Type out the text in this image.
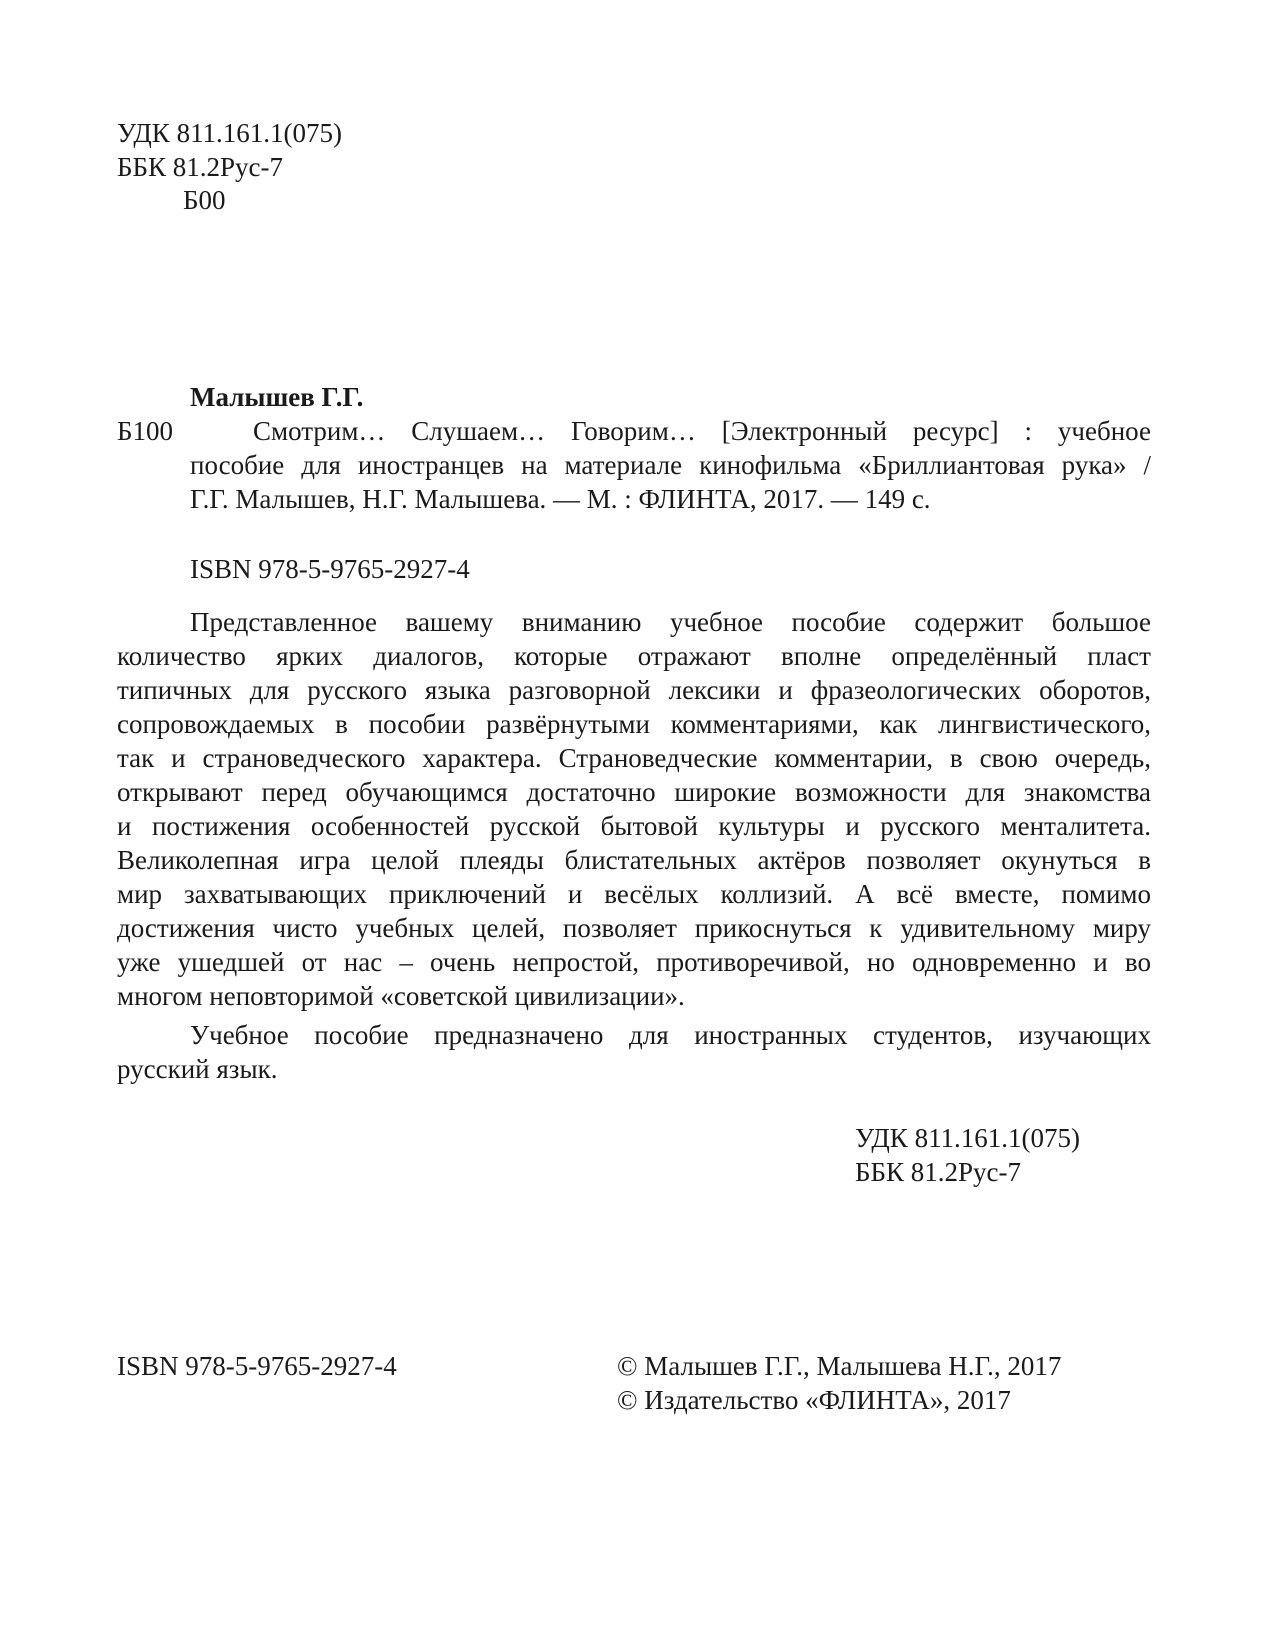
УДК 811.161.1(075)
ББК 81.2Рус-7
Б00
Малышев Г.Г.
Б100	Смотрим… Слушаем… Говорим… [Электронный ресурс] : учебное
пособие для иностранцев на материале кинофильма «Бриллиантовая рука» /
Г.Г. Малышев, Н.Г. Малышева. — М. : ФЛИНТА, 2017. — 149 с.
ISBN 978-5-9765-2927-4
Представленное вашему вниманию учебное пособие содержит большое
количество ярких диалогов, которые отражают вполне определённый пласт
типичных для русского языка разговорной лексики и фразеологических оборотов,
сопровождаемых в пособии развёрнутыми комментариями, как лингвистического,
так и страноведческого характера. Страноведческие комментарии, в свою очередь,
открывают перед обучающимся достаточно широкие возможности для знакомства
и постижения особенностей русской бытовой культуры и русского менталитета.
Великолепная игра целой плеяды блистательных актёров позволяет окунуться в
мир захватывающих приключений и весёлых коллизий. А всё вместе, помимо
достижения чисто учебных целей, позволяет прикоснуться к удивительному миру
уже ушедшей от нас – очень непростой, противоречивой, но одновременно и во
многом неповторимой «советской цивилизации».
Учебное пособие предназначено для иностранных студентов, изучающих
русский язык.
УДК 811.161.1(075)
ББК 81.2Рус-7
ISBN 978-5-9765-2927-4	© Малышев Г.Г., Малышева Н.Г., 2017
© Издательство «ФЛИНТА», 2017
